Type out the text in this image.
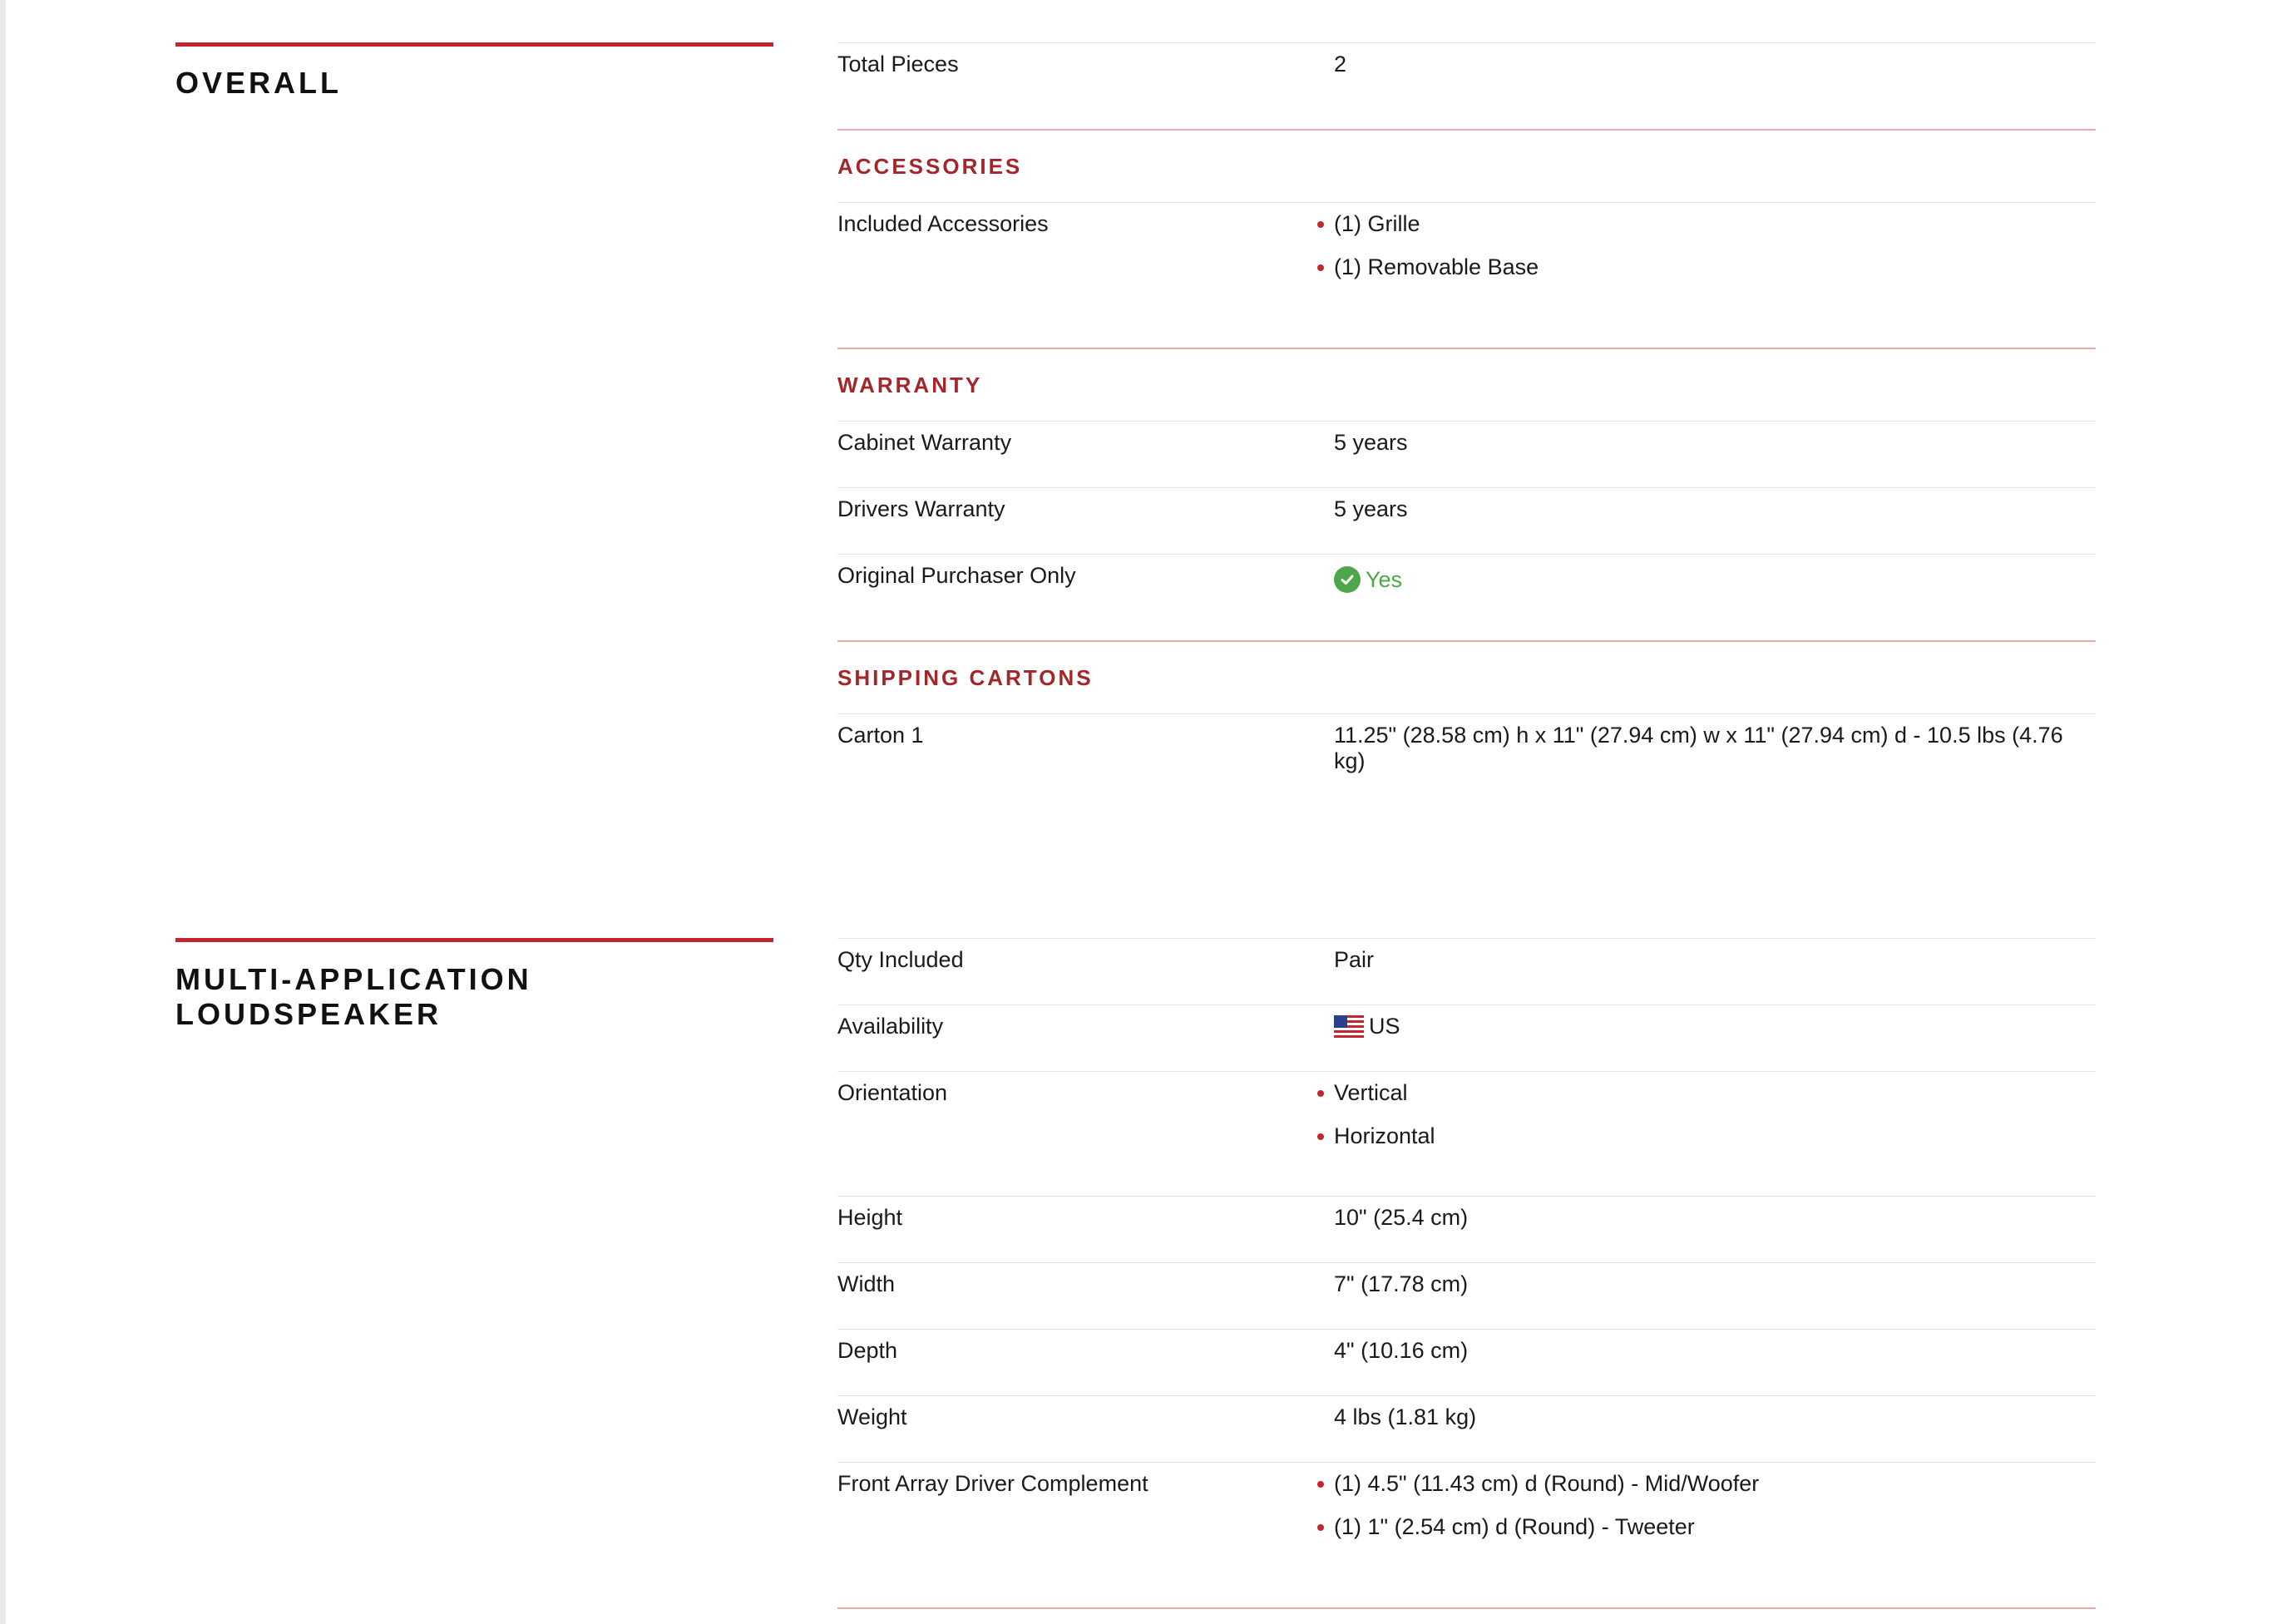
OVERALL
Total Pieces	2
ACCESSORIES
Included Accessories	(1) Grille
(1) Removable Base
WARRANTY
Cabinet Warranty	5 years
Drivers Warranty	5 years
Original Purchaser Only	Yes
SHIPPING CARTONS
Carton 1	11.25" (28.58 cm) h x 11" (27.94 cm) w x 11" (27.94 cm) d - 10.5 lbs (4.76 kg)
MULTI-APPLICATION
LOUDSPEAKER
Qty Included	Pair
Availability	US
Orientation	Vertical
Horizontal
Height	10" (25.4 cm)
Width	7" (17.78 cm)
Depth	4" (10.16 cm)
Weight	4 lbs (1.81 kg)
Front Array Driver Complement	(1) 4.5" (11.43 cm) d (Round) - Mid/Woofer
(1) 1" (2.54 cm) d (Round) - Tweeter
